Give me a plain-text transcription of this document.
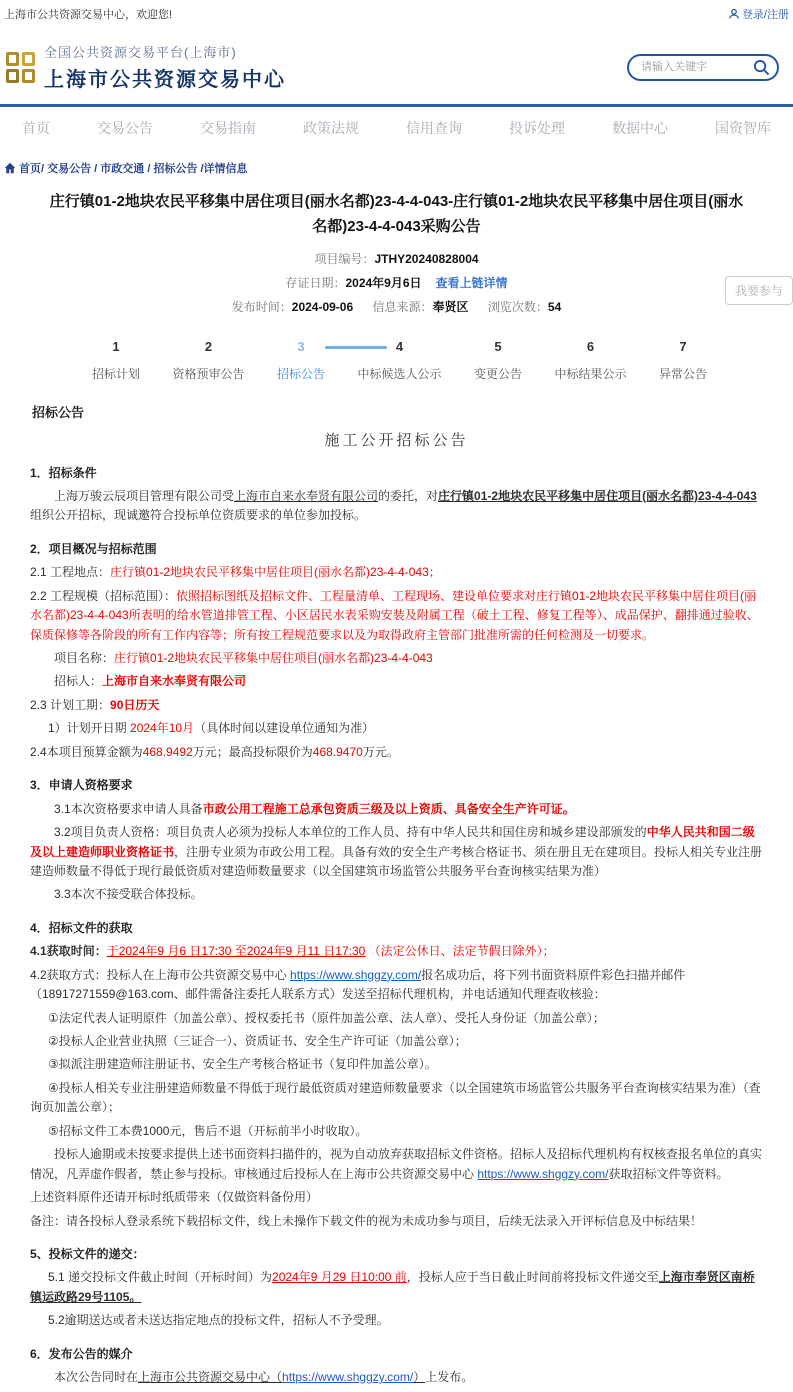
上海市公共资源交易中心，欢迎您!	登录/注册
全国公共资源交易平台(上海市)
上海市公共资源交易中心
请输入关键字
首页	交易公告	交易指南	政策法规	信用查询	投诉处理	数据中心	国资智库
首页/ 交易公告 / 市政交通 / 招标公告 /详情信息
庄行镇01-2地块农民平移集中居住项目(丽水名都)23-4-4-043-庄行镇01-2地块农民平移集中居住项目(丽水名都)23-4-4-043采购公告
项目编号：JTHY20240828004
存证日期：2024年9月6日 查看上链详情
发布时间：2024-09-06 信息来源：奉贤区 浏览次数：54
我要参与
1
招标计划
2
资格预审公告
3
招标公告
4
中标候选人公示
5
变更公告
6
中标结果公示
7
异常公告
招标公告
施工公开招标公告

1．招标条件

上海万骏云辰项目管理有限公司受上海市自来水奉贤有限公司的委托，对庄行镇01-2地块农民平移集中居住项目(丽水名都)23-4-4-043组织公开招标，现诚邀符合投标单位资质要求的单位参加投标。

2．项目概况与招标范围

2.1 工程地点：庄行镇01-2地块农民平移集中居住项目(丽水名都)23-4-4-043；

2.2 工程规模（招标范围）：依照招标图纸及招标文件、工程量清单、工程现场、建设单位要求对庄行镇01-2地块农民平移集中居住项目(丽水名都)23-4-4-043所表明的给水管道排管工程、小区居民水表采购安装及附属工程（破土工程、修复工程等）、成品保护、翻排通过验收、保质保修等各阶段的所有工作内容等；所有按工程规范要求以及为取得政府主管部门批准所需的任何检测及一切要求。

项目名称：庄行镇01-2地块农民平移集中居住项目(丽水名都)23-4-4-043

招标人：上海市自来水奉贤有限公司

2.3 计划工期：90日历天

1）计划开日期 2024年10月（具体时间以建设单位通知为准）

2.4本项目预算金额为468.9492万元；最高投标限价为468.9470万元。

3．申请人资格要求

3.1本次资格要求申请人具备市政公用工程施工总承包资质三级及以上资质、具备安全生产许可证。

3.2项目负责人资格：项目负责人必须为投标人本单位的工作人员、持有中华人民共和国住房和城乡建设部颁发的中华人民共和国二级及以上建造师职业资格证书，注册专业须为市政公用工程。具备有效的安全生产考核合格证书、须在册且无在建项目。投标人相关专业注册建造师数量不得低于现行最低资质对建造师数量要求（以全国建筑市场监管公共服务平台查询核实结果为准）

3.3本次不接受联合体投标。

4．招标文件的获取

4.1获取时间：于2024年9 月6 日17:30 至2024年9 月11 日17:30 （法定公休日、法定节假日除外）；

4.2获取方式：投标人在上海市公共资源交易中心 https://www.shggzy.com/报名成功后，将下列书面资料原件彩色扫描并邮件（18917271559@163.com、邮件需备注委托人联系方式）发送至招标代理机构，并电话通知代理查收核验：

①法定代表人证明原件（加盖公章）、授权委托书（原件加盖公章、法人章）、受托人身份证（加盖公章）；

②投标人企业营业执照（三证合一）、资质证书、安全生产许可证（加盖公章）；

③拟派注册建造师注册证书、安全生产考核合格证书（复印件加盖公章）。

④投标人相关专业注册建造师数量不得低于现行最低资质对建造师数量要求（以全国建筑市场监管公共服务平台查询核实结果为准）（查询页加盖公章）；

⑤招标文件工本费1000元，售后不退（开标前半小时收取）。

投标人逾期或未按要求提供上述书面资料扫描件的，视为自动放弃获取招标文件资格。招标人及招标代理机构有权核查报名单位的真实情况，凡弄虚作假者，禁止参与投标。审核通过后投标人在上海市公共资源交易中心 https://www.shggzy.com/获取招标文件等资料。

上述资料原件还请开标时纸质带来（仅做资料备份用）

备注：请各投标人登录系统下载招标文件，线上未操作下载文件的视为未成功参与项目，后续无法录入开评标信息及中标结果！

5、投标文件的递交：

5.1 递交投标文件截止时间（开标时间）为2024年9 月29 日10:00 前，投标人应于当日截止时间前将投标文件递交至上海市奉贤区南桥镇运政路29号1105。

5.2逾期送达或者未送达指定地点的投标文件，招标人不予受理。

6．发布公告的媒介

本次公告同时在上海市公共资源交易中心（https://www.shggzy.com/）上发布。
